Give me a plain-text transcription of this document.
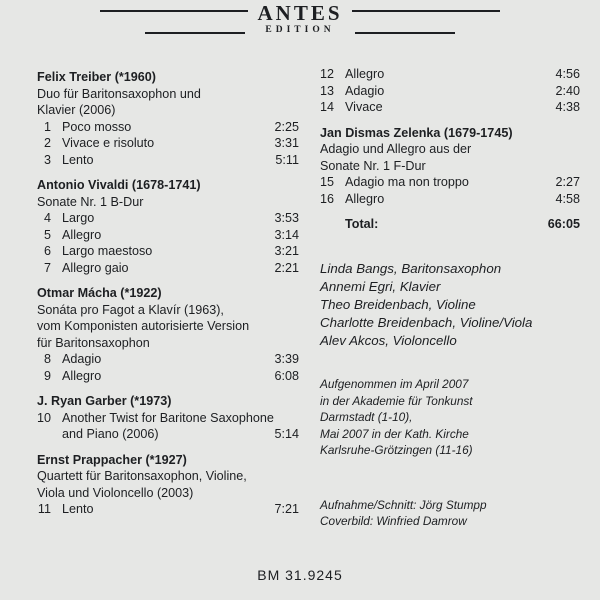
ANTES
EDITION
Felix Treiber (*1960)
Duo für Baritonsaxophon und
Klavier (2006)
1 Poco mosso	2:25
2 Vivace e risoluto	3:31
3 Lento	5:11
Antonio Vivaldi (1678-1741)
Sonate Nr. 1 B-Dur
4 Largo	3:53
5 Allegro	3:14
6 Largo maestoso	3:21
7 Allegro gaio	2:21
Otmar Mácha (*1922)
Sonáta pro Fagot a Klavír (1963),
vom Komponisten autorisierte Version
für Baritonsaxophon
8 Adagio	3:39
9 Allegro	6:08
J. Ryan Garber (*1973)
10 Another Twist for Baritone Saxophone and Piano (2006)	5:14
Ernst Prappacher (*1927)
Quartett für Baritonsaxophon, Violine,
Viola und Violoncello (2003)
11 Lento	7:21
12 Allegro	4:56
13 Adagio	2:40
14 Vivace	4:38
Jan Dismas Zelenka (1679-1745)
Adagio und Allegro aus der
Sonate Nr. 1 F-Dur
15 Adagio ma non troppo	2:27
16 Allegro	4:58
Total:	66:05
Linda Bangs, Baritonsaxophon
Annemi Egri, Klavier
Theo Breidenbach, Violine
Charlotte Breidenbach, Violine/Viola
Alev Akcos, Violoncello
Aufgenommen im April 2007
in der Akademie für Tonkunst
Darmstadt (1-10),
Mai 2007 in der Kath. Kirche
Karlsruhe-Grötzingen (11-16)
Aufnahme/Schnitt: Jörg Stumpp
Coverbild: Winfried Damrow
BM 31.9245
